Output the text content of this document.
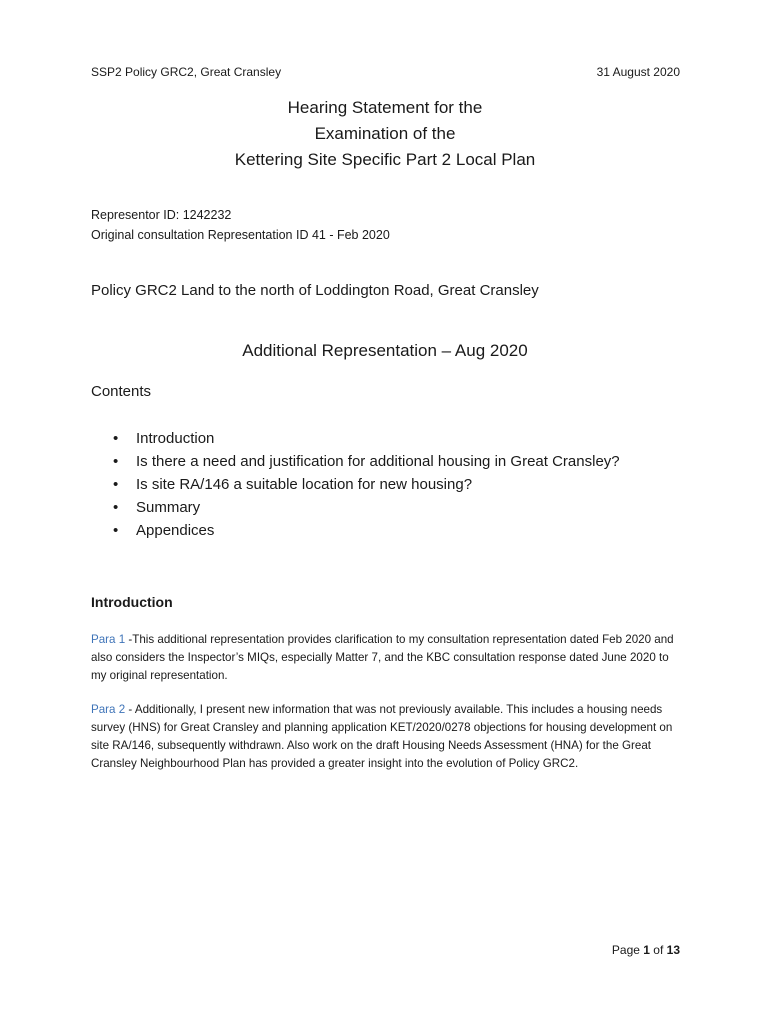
SSP2 Policy GRC2, Great Cransley	31 August 2020
Hearing Statement for the
Examination of the
Kettering Site Specific Part 2 Local Plan
Representor ID: 1242232
Original consultation Representation ID 41 - Feb 2020
Policy GRC2 Land to the north of Loddington Road, Great Cransley
Additional Representation – Aug 2020
Contents
• Introduction
• Is there a need and justification for additional housing in Great Cransley?
• Is site RA/146 a suitable location for new housing?
• Summary
• Appendices
Introduction

Para 1 -This additional representation provides clarification to my consultation representation dated Feb 2020 and also considers the Inspector’s MIQs, especially Matter 7, and the KBC consultation response dated June 2020 to my original representation.

Para 2 - Additionally, I present new information that was not previously available. This includes a housing needs survey (HNS) for Great Cransley and planning application KET/2020/0278 objections for housing development on site RA/146, subsequently withdrawn. Also work on the draft Housing Needs Assessment (HNA) for the Great Cransley Neighbourhood Plan has provided a greater insight into the evolution of Policy GRC2.

Page 1 of 13
